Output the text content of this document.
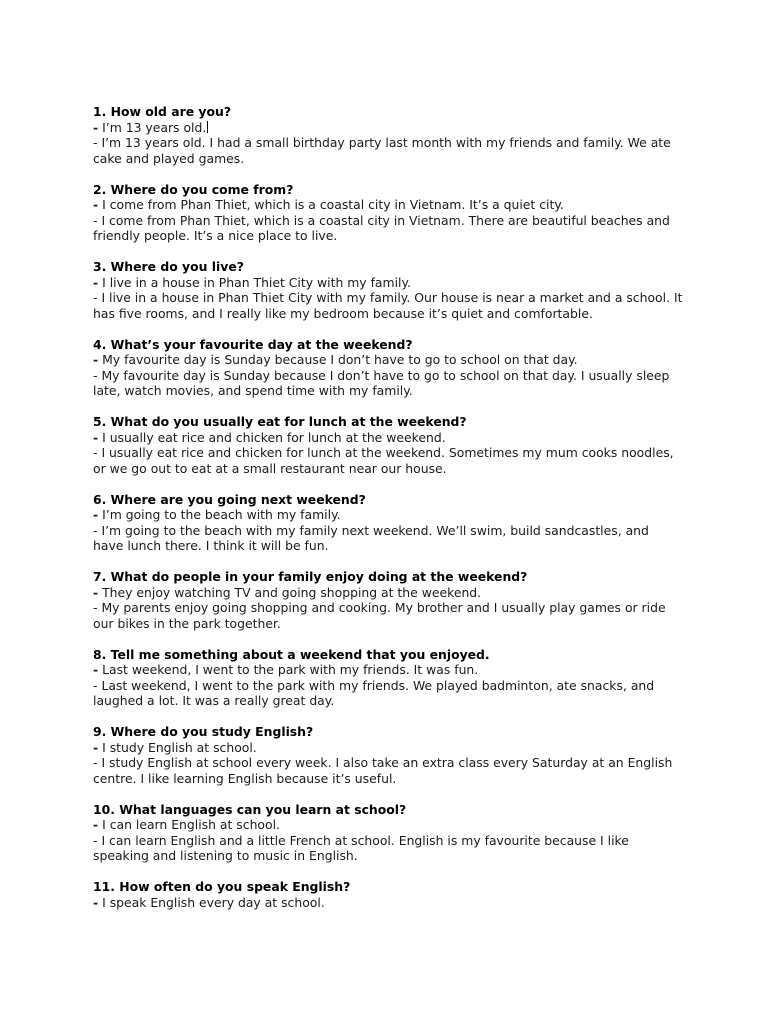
1. How old are you?
- I’m 13 years old.
- I’m 13 years old. I had a small birthday party last month with my friends and family. We ate cake and played games.
2. Where do you come from?
- I come from Phan Thiet, which is a coastal city in Vietnam. It’s a quiet city.
- I come from Phan Thiet, which is a coastal city in Vietnam. There are beautiful beaches and friendly people. It’s a nice place to live.
3. Where do you live?
- I live in a house in Phan Thiet City with my family.
- I live in a house in Phan Thiet City with my family. Our house is near a market and a school. It has five rooms, and I really like my bedroom because it’s quiet and comfortable.
4. What’s your favourite day at the weekend?
- My favourite day is Sunday because I don’t have to go to school on that day.
- My favourite day is Sunday because I don’t have to go to school on that day. I usually sleep late, watch movies, and spend time with my family.
5. What do you usually eat for lunch at the weekend?
- I usually eat rice and chicken for lunch at the weekend.
- I usually eat rice and chicken for lunch at the weekend. Sometimes my mum cooks noodles, or we go out to eat at a small restaurant near our house.
6. Where are you going next weekend?
- I’m going to the beach with my family.
- I’m going to the beach with my family next weekend. We’ll swim, build sandcastles, and have lunch there. I think it will be fun.
7. What do people in your family enjoy doing at the weekend?
- They enjoy watching TV and going shopping at the weekend.
- My parents enjoy going shopping and cooking. My brother and I usually play games or ride our bikes in the park together.
8. Tell me something about a weekend that you enjoyed.
- Last weekend, I went to the park with my friends. It was fun.
- Last weekend, I went to the park with my friends. We played badminton, ate snacks, and laughed a lot. It was a really great day.
9. Where do you study English?
- I study English at school.
- I study English at school every week. I also take an extra class every Saturday at an English centre. I like learning English because it’s useful.
10. What languages can you learn at school?
- I can learn English at school.
- I can learn English and a little French at school. English is my favourite because I like speaking and listening to music in English.
11. How often do you speak English?
- I speak English every day at school.
